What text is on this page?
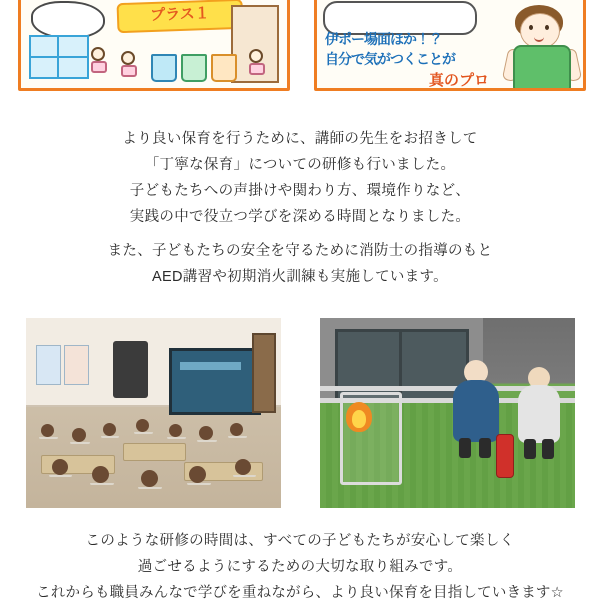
プラス１
伊ポー場面ほか！？
自分で気がつくことが
真のプロ
より良い保育を行うために、講師の先生をお招きして
「丁寧な保育」についての研修も行いました。
子どもたちへの声掛けや関わり方、環境作りなど、
実践の中で役立つ学びを深める時間となりました。
また、子どもたちの安全を守るために消防士の指導のもと
AED講習や初期消火訓練も実施しています。
このような研修の時間は、すべての子どもたちが安心して楽しく
過ごせるようにするための大切な取り組みです。
これからも職員みんなで学びを重ねながら、より良い保育を目指していきます☆
